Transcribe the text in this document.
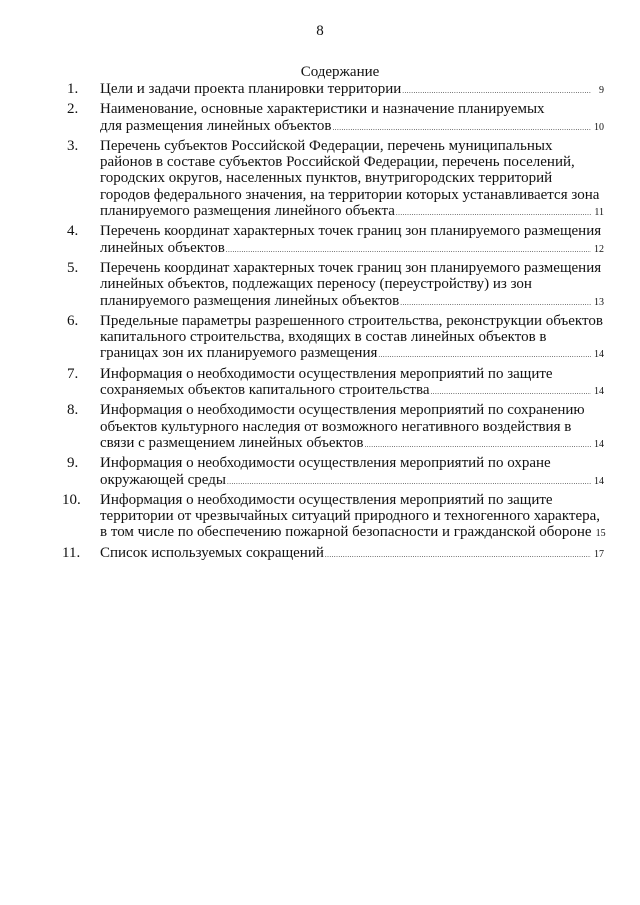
8
Содержание
1.	Цели и задачи проекта планировки территории .....	9
2.	Наименование, основные характеристики и назначение планируемых
для размещения линейных объектов .....	10
3.	Перечень субъектов Российской Федерации, перечень муниципальных
районов в составе субъектов Российской Федерации, перечень поселений,
городских округов, населенных пунктов, внутригородских территорий
городов федерального значения, на территории которых устанавливается зона
планируемого размещения линейного объекта .....	11
4.	Перечень координат характерных точек границ зон планируемого размещения
линейных объектов .....	12
5.	Перечень координат характерных точек границ зон планируемого размещения
линейных объектов, подлежащих переносу (переустройству) из зон
планируемого размещения линейных объектов .....	13
6.	Предельные параметры разрешенного строительства, реконструкции объектов
капитального строительства, входящих в состав линейных объектов в
границах зон их планируемого размещения .....	14
7.	Информация о необходимости осуществления мероприятий по защите
сохраняемых объектов капитального строительства .....	14
8.	Информация о необходимости осуществления мероприятий по сохранению
объектов культурного наследия от возможного негативного воздействия в
связи с размещением линейных объектов .....	14
9.	Информация о необходимости осуществления мероприятий по охране
окружающей среды .....	14
10.	Информация о необходимости осуществления мероприятий по защите
территории от чрезвычайных ситуаций природного и техногенного характера,
в том числе по обеспечению пожарной безопасности и гражданской обороне 15
11.	Список используемых сокращений .....	17
